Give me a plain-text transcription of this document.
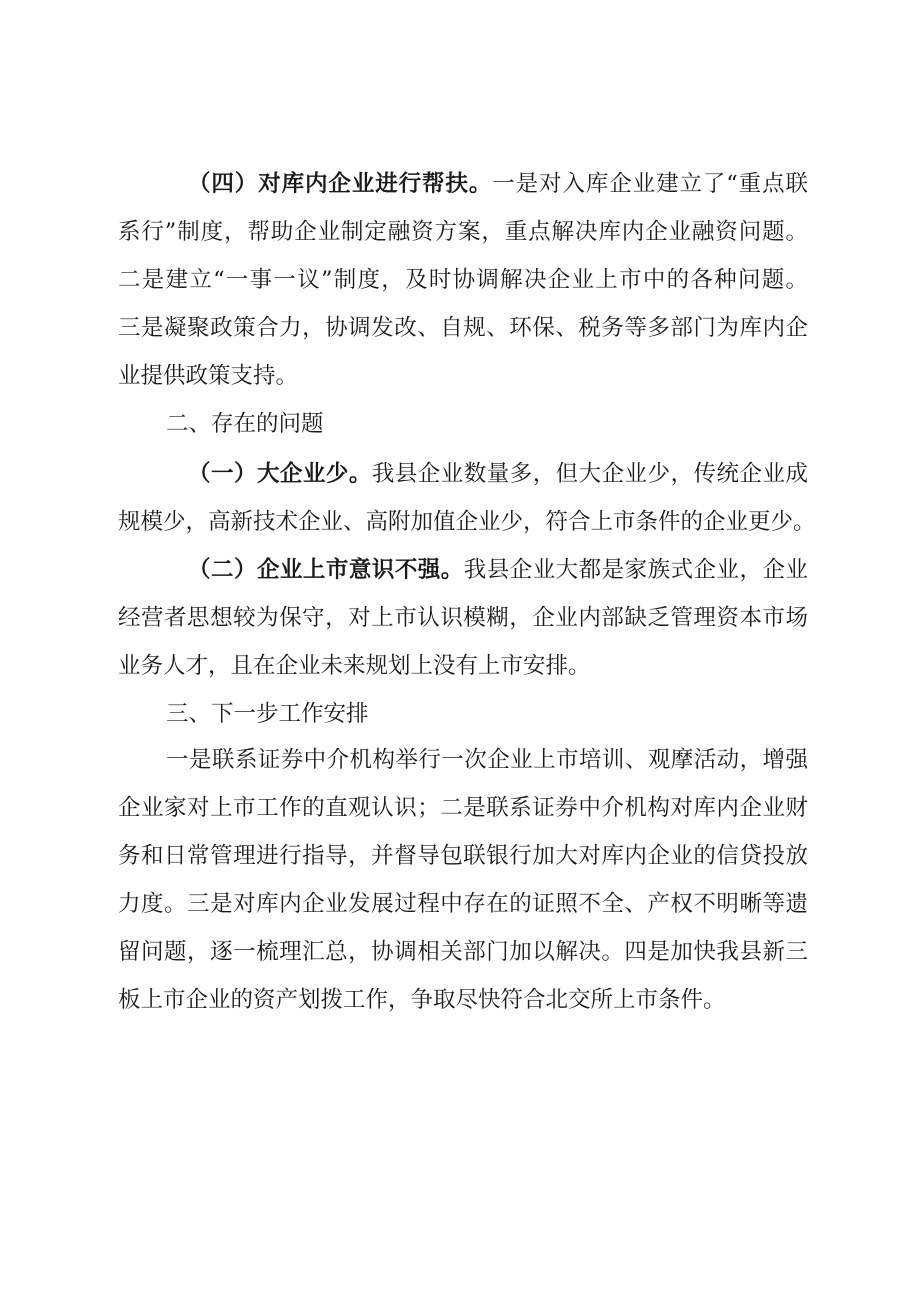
（四）对库内企业进行帮扶。一是对入库企业建立了“重点联
系行”制度，帮助企业制定融资方案，重点解决库内企业融资问题。
二是建立“一事一议”制度，及时协调解决企业上市中的各种问题。
三是凝聚政策合力，协调发改、自规、环保、税务等多部门为库内企
业提供政策支持。
二、存在的问题
（一）大企业少。我县企业数量多，但大企业少，传统企业成
规模少，高新技术企业、高附加值企业少，符合上市条件的企业更少。
（二）企业上市意识不强。我县企业大都是家族式企业，企业
经营者思想较为保守，对上市认识模糊，企业内部缺乏管理资本市场
业务人才，且在企业未来规划上没有上市安排。
三、下一步工作安排
一是联系证券中介机构举行一次企业上市培训、观摩活动，增强
企业家对上市工作的直观认识；二是联系证券中介机构对库内企业财
务和日常管理进行指导，并督导包联银行加大对库内企业的信贷投放
力度。三是对库内企业发展过程中存在的证照不全、产权不明晰等遗
留问题，逐一梳理汇总，协调相关部门加以解决。四是加快我县新三
板上市企业的资产划拨工作，争取尽快符合北交所上市条件。
